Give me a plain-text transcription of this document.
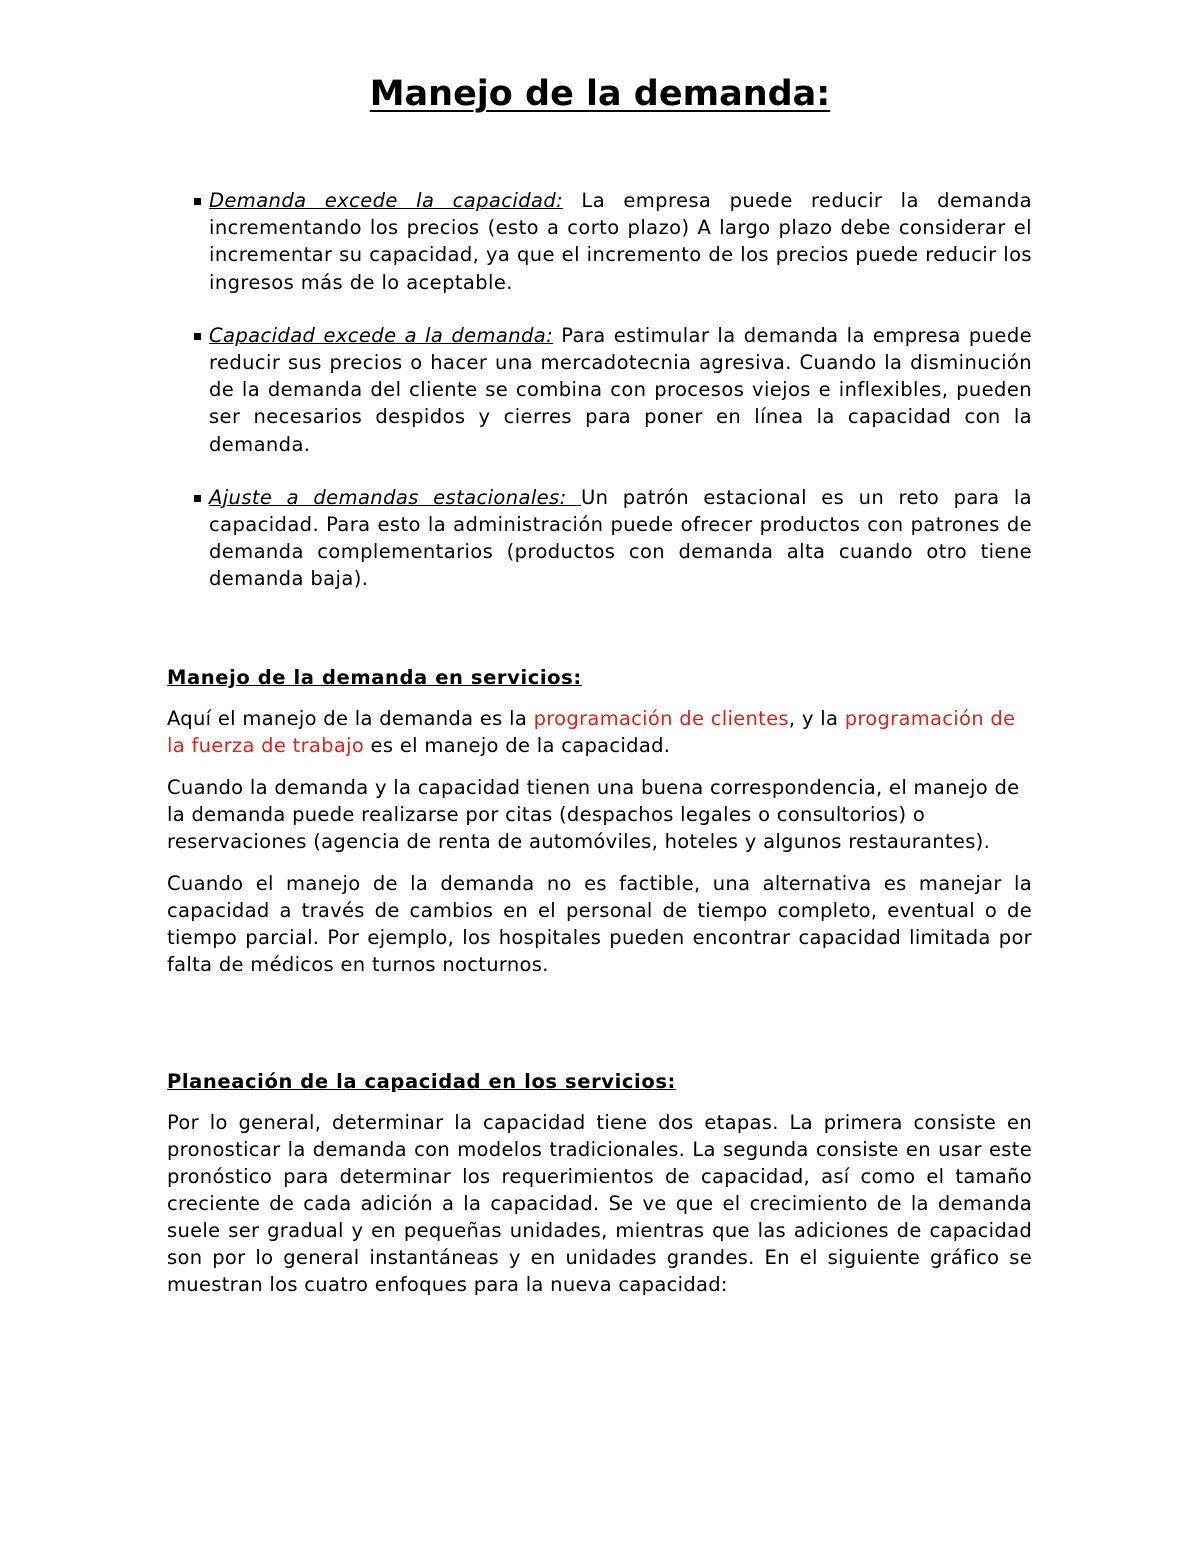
Manejo de la demanda:
Demanda excede la capacidad: La empresa puede reducir la demanda incrementando los precios (esto a corto plazo) A largo plazo debe considerar el incrementar su capacidad, ya que el incremento de los precios puede reducir los ingresos más de lo aceptable.
Capacidad excede a la demanda: Para estimular la demanda la empresa puede reducir sus precios o hacer una mercadotecnia agresiva. Cuando la disminución de la demanda del cliente se combina con procesos viejos e inflexibles, pueden ser necesarios despidos y cierres para poner en línea la capacidad con la demanda.
Ajuste a demandas estacionales: Un patrón estacional es un reto para la capacidad. Para esto la administración puede ofrecer productos con patrones de demanda complementarios (productos con demanda alta cuando otro tiene demanda baja).
Manejo de la demanda en servicios:

Aquí el manejo de la demanda es la programación de clientes, y la programación de la fuerza de trabajo es el manejo de la capacidad.

Cuando la demanda y la capacidad tienen una buena correspondencia, el manejo de la demanda puede realizarse por citas (despachos legales o consultorios) o reservaciones (agencia de renta de automóviles, hoteles y algunos restaurantes).

Cuando el manejo de la demanda no es factible, una alternativa es manejar la capacidad a través de cambios en el personal de tiempo completo, eventual o de tiempo parcial. Por ejemplo, los hospitales pueden encontrar capacidad limitada por falta de médicos en turnos nocturnos.

Planeación de la capacidad en los servicios:

Por lo general, determinar la capacidad tiene dos etapas. La primera consiste en pronosticar la demanda con modelos tradicionales. La segunda consiste en usar este pronóstico para determinar los requerimientos de capacidad, así como el tamaño creciente de cada adición a la capacidad. Se ve que el crecimiento de la demanda suele ser gradual y en pequeñas unidades, mientras que las adiciones de capacidad son por lo general instantáneas y en unidades grandes. En el siguiente gráfico se muestran los cuatro enfoques para la nueva capacidad:
